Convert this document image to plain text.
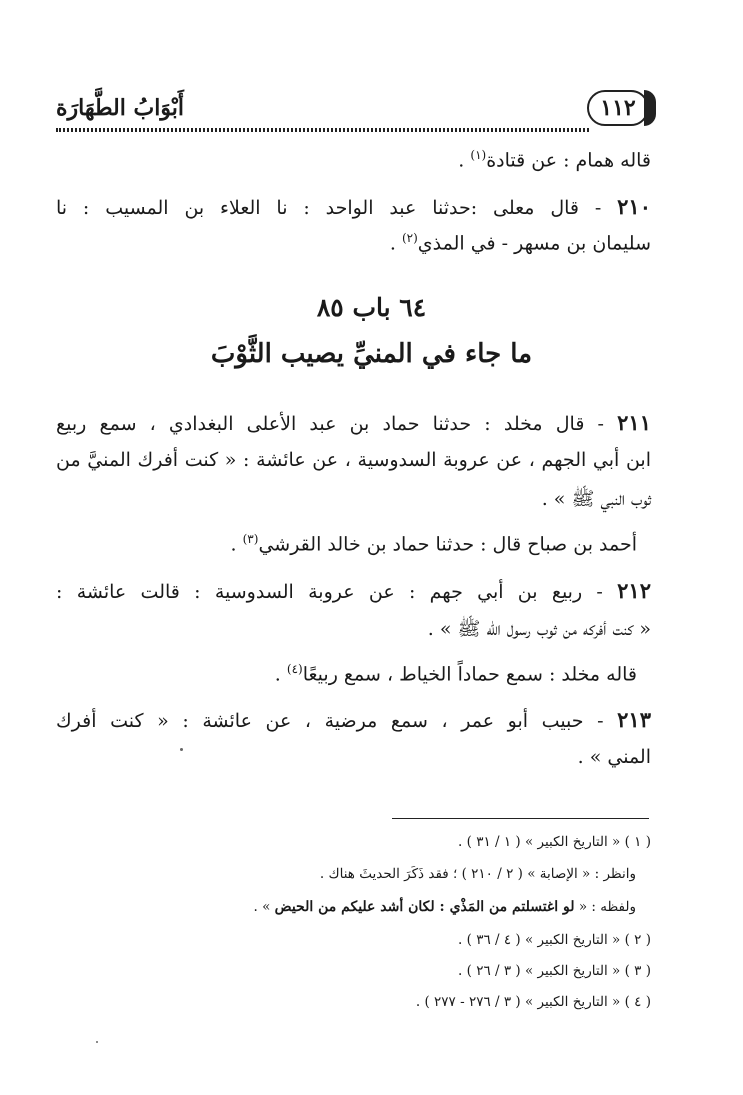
١١٢
أَبْوَابُ الطَّهَارَة
قاله همام : عن قتادة$^{(١)}$ .
٢١٠ - قال معلى :حدثنا عبد الواحد : نا العلاء بن المسيب : نا
سليمان بن مسهر - في المذي$^{(٢)}$ .
٦٤ باب ٨٥
ما جاء في المنيِّ يصيب الثَّوْبَ
٢١١ - قال مخلد : حدثنا حماد بن عبد الأعلى البغدادي ، سمع ربيع
ابن أبي الجهم ، عن عروبة السدوسية ، عن عائشة : « كنت أفرك المنيَّ من
ثوب النبي ﷺ » .
أحمد بن صباح قال : حدثنا حماد بن خالد القرشي$^{(٣)}$ .
٢١٢ - ربيع بن أبي جهم : عن عروبة السدوسية : قالت عائشة :
« كنت أفركه من ثوب رسول الله ﷺ » .
قاله مخلد : سمع حماداً الخياط ، سمع ربيعًا$^{(٤)}$ .
٢١٣ - حبيب أبو عمر ، سمع مرضية ، عن عائشة : « كنت أفرك
المني » .
( ١ ) « التاريخ الكبير » ( ١ / ٣١ ) .
وانظر : « الإصابة » ( ٢ / ٢١٠ ) ؛ فقد ذَكَرَ الحديثَ هناك .
ولفظه : « لو اغتسلتم من المَذْي : لكان أشد عليكم من الحيض » .
( ٢ ) « التاريخ الكبير » ( ٤ / ٣٦ ) .
( ٣ ) « التاريخ الكبير » ( ٣ / ٢٦ ) .
( ٤ ) « التاريخ الكبير » ( ٣ / ٢٧٦ - ٢٧٧ ) .
